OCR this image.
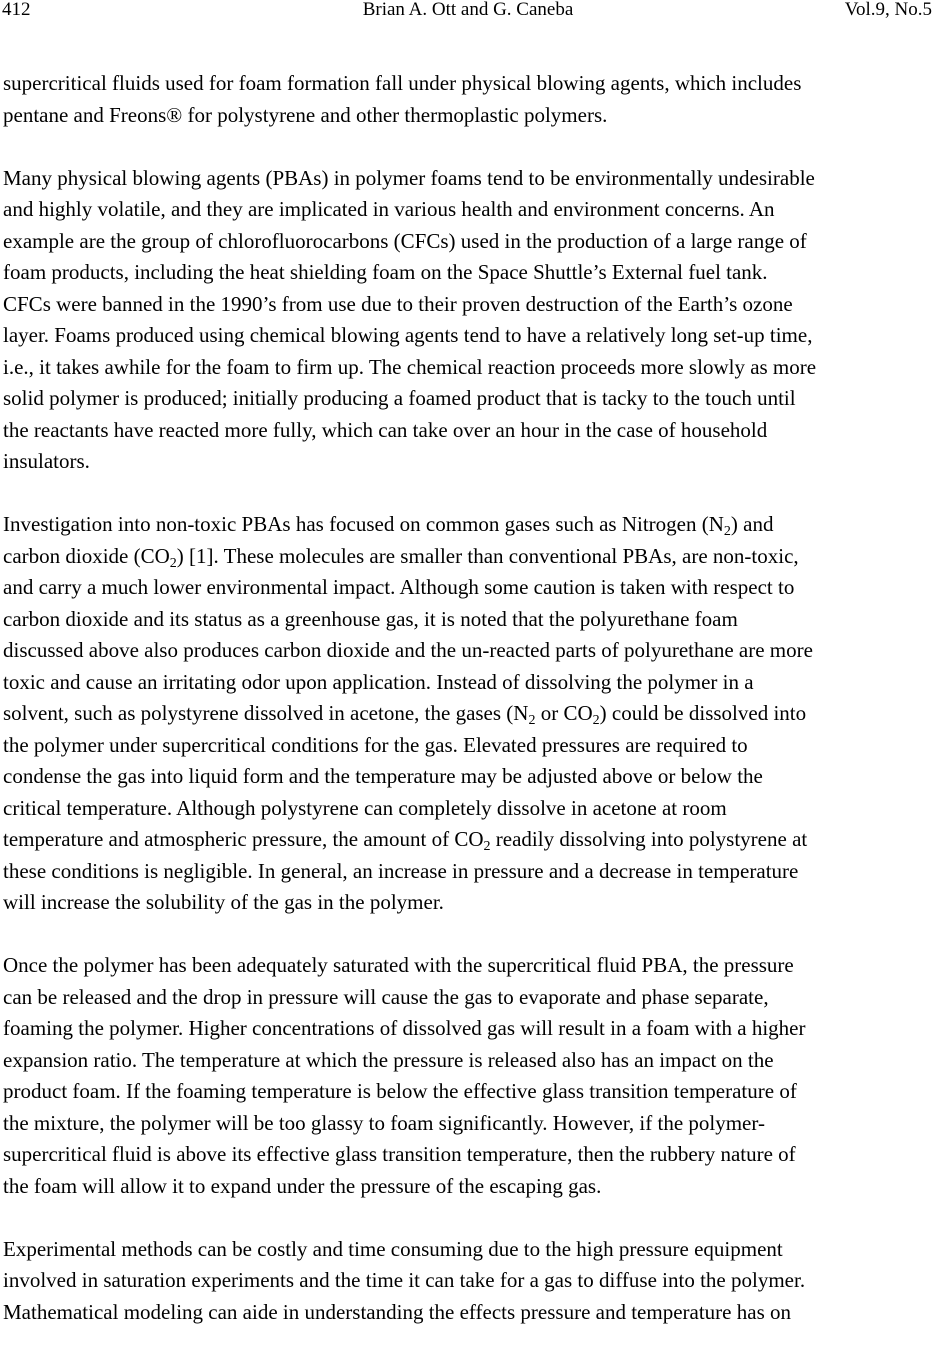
412	Brian A. Ott and G. Caneba	Vol.9, No.5
supercritical fluids used for foam formation fall under physical blowing agents, which includes
pentane and Freons® for polystyrene and other thermoplastic polymers.
Many physical blowing agents (PBAs) in polymer foams tend to be environmentally undesirable
and highly volatile, and they are implicated in various health and environment concerns. An
example are the group of chlorofluorocarbons (CFCs) used in the production of a large range of
foam products, including the heat shielding foam on the Space Shuttle’s External fuel tank.
CFCs were banned in the 1990’s from use due to their proven destruction of the Earth’s ozone
layer. Foams produced using chemical blowing agents tend to have a relatively long set-up time,
i.e., it takes awhile for the foam to firm up. The chemical reaction proceeds more slowly as more
solid polymer is produced; initially producing a foamed product that is tacky to the touch until
the reactants have reacted more fully, which can take over an hour in the case of household
insulators.
Investigation into non-toxic PBAs has focused on common gases such as Nitrogen $(N_2)$ and
carbon dioxide $(CO_2)$ [1]. These molecules are smaller than conventional PBAs, are non-toxic,
and carry a much lower environmental impact. Although some caution is taken with respect to
carbon dioxide and its status as a greenhouse gas, it is noted that the polyurethane foam
discussed above also produces carbon dioxide and the un-reacted parts of polyurethane are more
toxic and cause an irritating odor upon application. Instead of dissolving the polymer in a
solvent, such as polystyrene dissolved in acetone, the gases ($N_2$ or $CO_2$) could be dissolved into
the polymer under supercritical conditions for the gas. Elevated pressures are required to
condense the gas into liquid form and the temperature may be adjusted above or below the
critical temperature. Although polystyrene can completely dissolve in acetone at room
temperature and atmospheric pressure, the amount of $CO_2$ readily dissolving into polystyrene at
these conditions is negligible. In general, an increase in pressure and a decrease in temperature
will increase the solubility of the gas in the polymer.
Once the polymer has been adequately saturated with the supercritical fluid PBA, the pressure
can be released and the drop in pressure will cause the gas to evaporate and phase separate,
foaming the polymer. Higher concentrations of dissolved gas will result in a foam with a higher
expansion ratio. The temperature at which the pressure is released also has an impact on the
product foam. If the foaming temperature is below the effective glass transition temperature of
the mixture, the polymer will be too glassy to foam significantly. However, if the polymer-
supercritical fluid is above its effective glass transition temperature, then the rubbery nature of
the foam will allow it to expand under the pressure of the escaping gas.
Experimental methods can be costly and time consuming due to the high pressure equipment
involved in saturation experiments and the time it can take for a gas to diffuse into the polymer.
Mathematical modeling can aide in understanding the effects pressure and temperature has on
